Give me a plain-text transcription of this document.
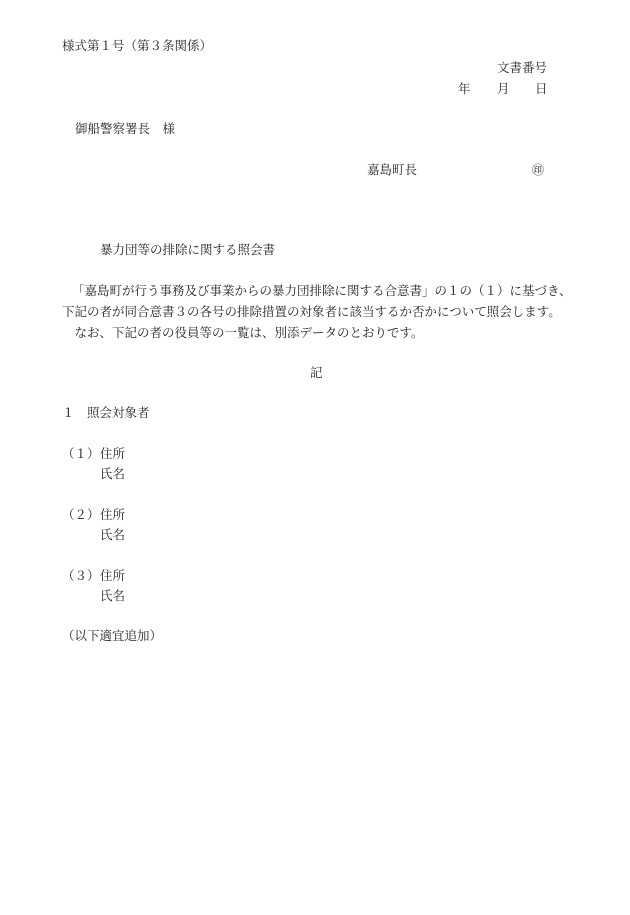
様式第１号（第３条関係）
文書番号
年 月 日
御船警察署長　様
嘉島町長	㊞
暴力団等の排除に関する照会書
「嘉島町が行う事務及び事業からの暴力団排除に関する合意書」の１の（１）に基づき、
下記の者が同合意書３の各号の排除措置の対象者に該当するか否かについて照会します。
　なお、下記の者の役員等の一覧は、別添データのとおりです。
記
１　照会対象者
（１） 住所
氏名
（２） 住所
氏名
（３） 住所
氏名
（以下適宜追加）
